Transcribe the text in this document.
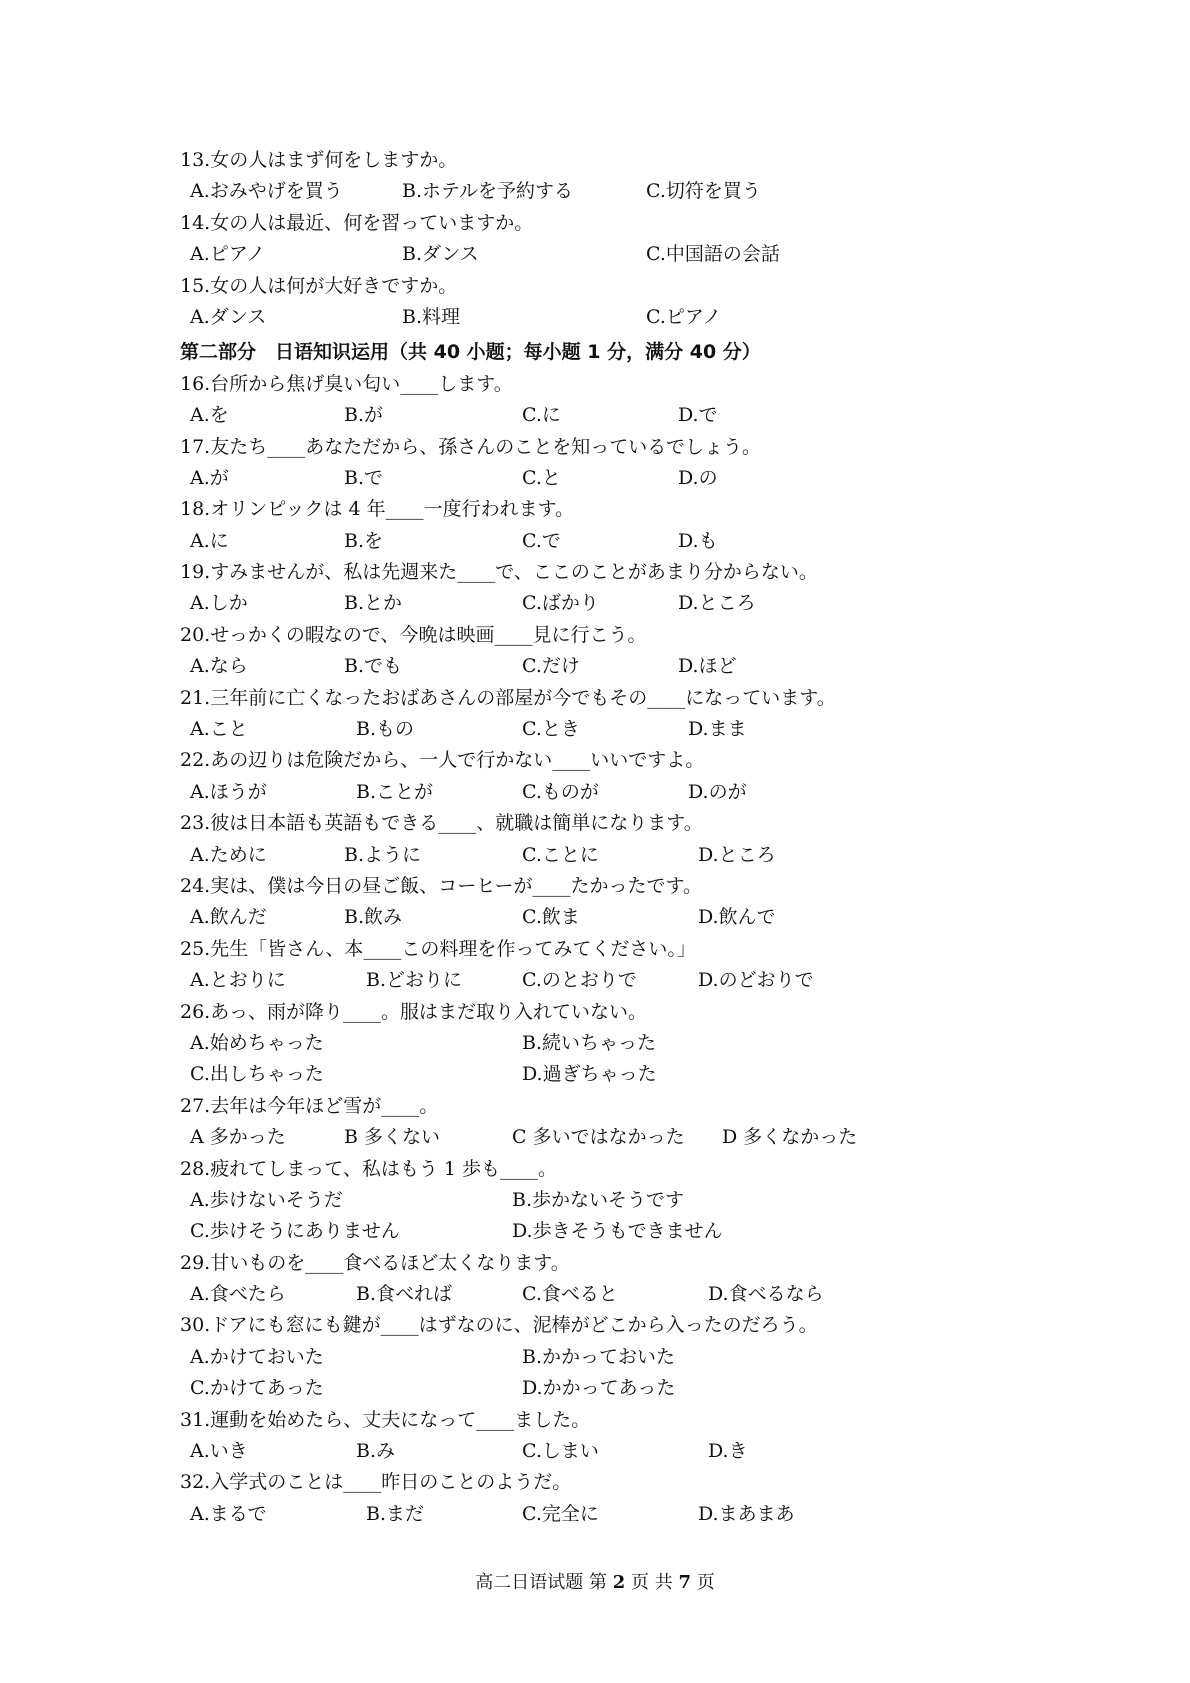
13.女の人はまず何をしますか。
A.おみやげを買う	B.ホテルを予約する	C.切符を買う
14.女の人は最近、何を習っていますか。
A.ピアノ	B.ダンス	C.中国語の会話
15.女の人は何が大好きですか。
A.ダンス	B.料理	C.ピアノ
第二部分　日语知识运用（共 40 小题；每小题 1 分，满分 40 分）
16.台所から焦げ臭い匂い____します。
A.を	B.が	C.に	D.で
17.友たち____あなただから、孫さんのことを知っているでしょう。
A.が	B.で	C.と	D.の
18.オリンピックは 4 年____一度行われます。
A.に	B.を	C.で	D.も
19.すみませんが、私は先週来た____で、ここのことがあまり分からない。
A.しか	B.とか	C.ばかり	D.ところ
20.せっかくの暇なので、今晩は映画____見に行こう。
A.なら	B.でも	C.だけ	D.ほど
21.三年前に亡くなったおばあさんの部屋が今でもその____になっています。
A.こと	B.もの	C.とき	D.まま
22.あの辺りは危険だから、一人で行かない____いいですよ。
A.ほうが	B.ことが	C.ものが	D.のが
23.彼は日本語も英語もできる____、就職は簡単になります。
A.ために	B.ように	C.ことに	D.ところ
24.実は、僕は今日の昼ご飯、コーヒーが____たかったです。
A.飲んだ	B.飲み	C.飲ま	D.飲んで
25.先生「皆さん、本____この料理を作ってみてください。」
A.とおりに	B.どおりに	C.のとおりで	D.のどおりで
26.あっ、雨が降り____。服はまだ取り入れていない。
A.始めちゃった	B.続いちゃった
C.出しちゃった	D.過ぎちゃった
27.去年は今年ほど雪が____。
A 多かった	B 多くない	C 多いではなかった D 多くなかった
28.疲れてしまって、私はもう 1 歩も____。
A.歩けないそうだ	B.歩かないそうです
C.歩けそうにありません	D.歩きそうもできません
29.甘いものを____食べるほど太くなります。
A.食べたら	B.食べれば	C.食べると	D.食べるなら
30.ドアにも窓にも鍵が____はずなのに、泥棒がどこから入ったのだろう。
A.かけておいた	B.かかっておいた
C.かけてあった	D.かかってあった
31.運動を始めたら、丈夫になって____ました。
A.いき	B.み	C.しまい	D.き
32.入学式のことは____昨日のことのようだ。
A.まるで	B.まだ	C.完全に	D.まあまあ
高二日语试题 第 2 页 共 7 页
